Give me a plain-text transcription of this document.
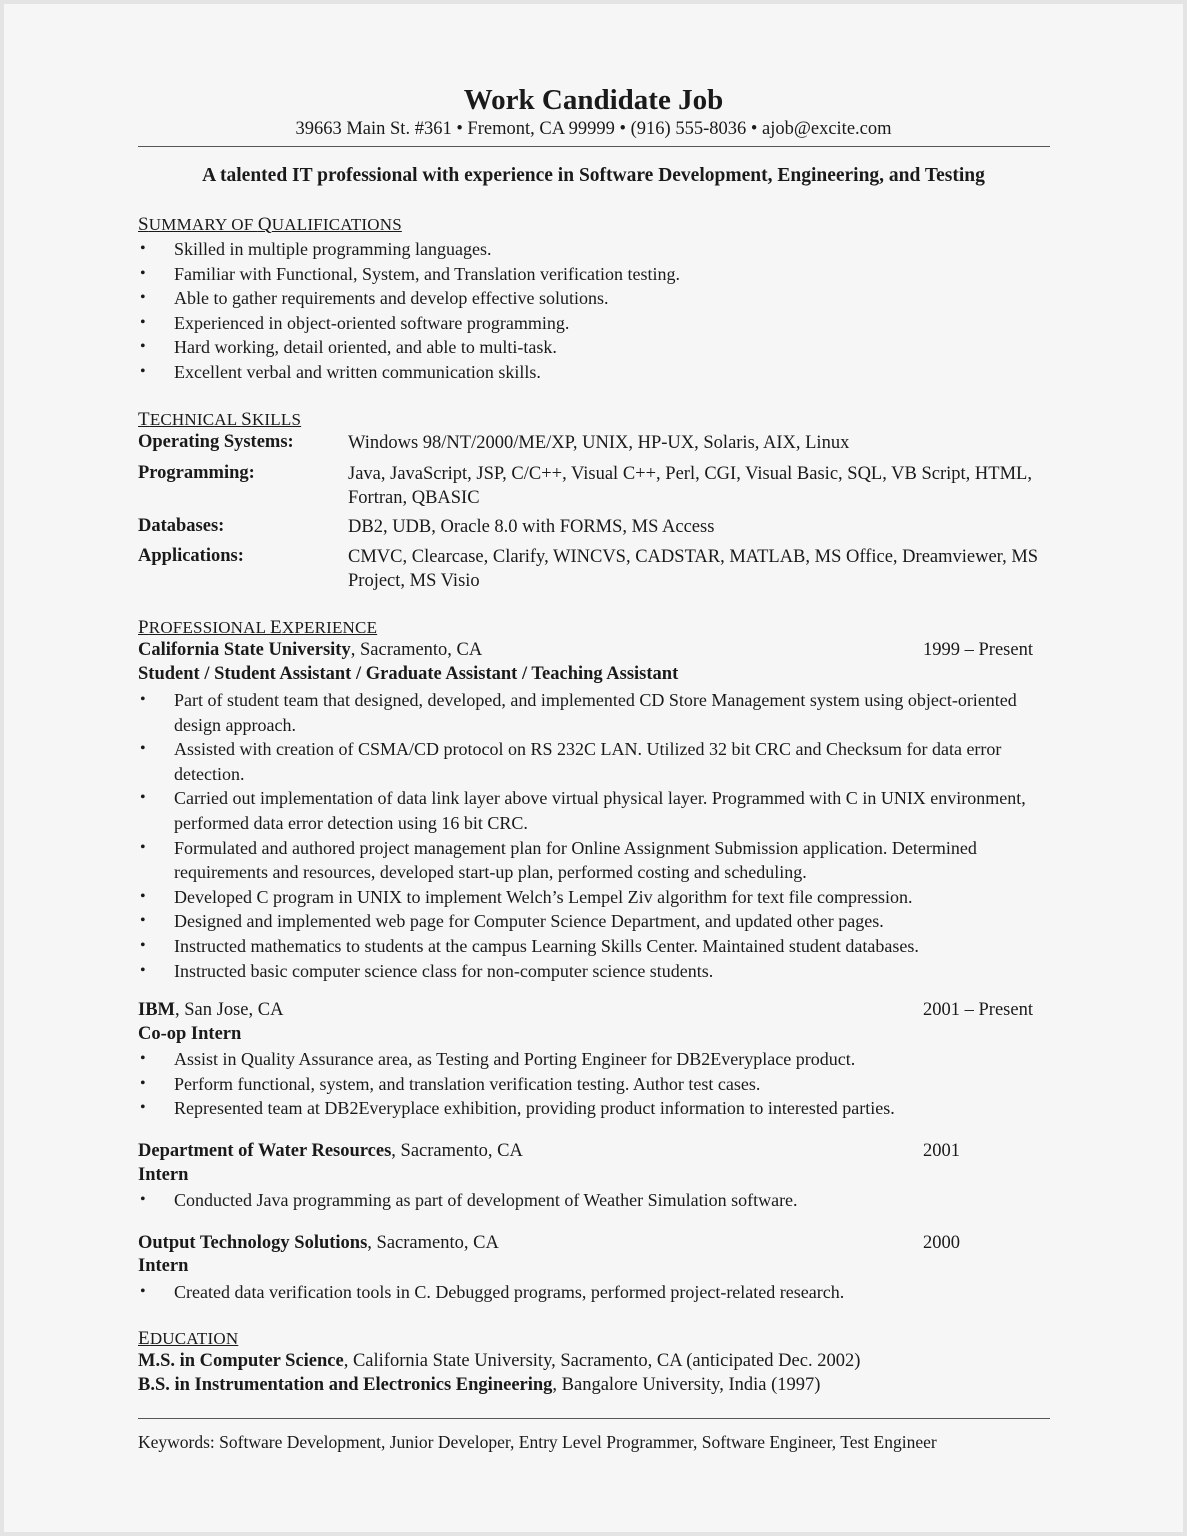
Work Candidate Job
39663 Main St. #361 • Fremont, CA 99999 • (916) 555-8036 • ajob@excite.com
A talented IT professional with experience in Software Development, Engineering, and Testing
SUMMARY OF QUALIFICATIONS
• Skilled in multiple programming languages.
• Familiar with Functional, System, and Translation verification testing.
• Able to gather requirements and develop effective solutions.
• Experienced in object-oriented software programming.
• Hard working, detail oriented, and able to multi-task.
• Excellent verbal and written communication skills.
TECHNICAL SKILLS
Operating Systems:	Windows 98/NT/2000/ME/XP, UNIX, HP-UX, Solaris, AIX, Linux
Programming:	Java, JavaScript, JSP, C/C++, Visual C++, Perl, CGI, Visual Basic, SQL, VB Script, HTML, Fortran, QBASIC
Databases:	DB2, UDB, Oracle 8.0 with FORMS, MS Access
Applications:	CMVC, Clearcase, Clarify, WINCVS, CADSTAR, MATLAB, MS Office, Dreamviewer, MS Project, MS Visio
PROFESSIONAL EXPERIENCE
California State University, Sacramento, CA	1999 – Present
Student / Student Assistant / Graduate Assistant / Teaching Assistant
• Part of student team that designed, developed, and implemented CD Store Management system using object-oriented design approach.
• Assisted with creation of CSMA/CD protocol on RS 232C LAN. Utilized 32 bit CRC and Checksum for data error detection.
• Carried out implementation of data link layer above virtual physical layer. Programmed with C in UNIX environment, performed data error detection using 16 bit CRC.
• Formulated and authored project management plan for Online Assignment Submission application. Determined requirements and resources, developed start-up plan, performed costing and scheduling.
• Developed C program in UNIX to implement Welch’s Lempel Ziv algorithm for text file compression.
• Designed and implemented web page for Computer Science Department, and updated other pages.
• Instructed mathematics to students at the campus Learning Skills Center. Maintained student databases.
• Instructed basic computer science class for non-computer science students.
IBM, San Jose, CA	2001 – Present
Co-op Intern
• Assist in Quality Assurance area, as Testing and Porting Engineer for DB2Everyplace product.
• Perform functional, system, and translation verification testing. Author test cases.
• Represented team at DB2Everyplace exhibition, providing product information to interested parties.
Department of Water Resources, Sacramento, CA	2001
Intern
• Conducted Java programming as part of development of Weather Simulation software.
Output Technology Solutions, Sacramento, CA	2000
Intern
• Created data verification tools in C. Debugged programs, performed project-related research.
EDUCATION
M.S. in Computer Science, California State University, Sacramento, CA (anticipated Dec. 2002)
B.S. in Instrumentation and Electronics Engineering, Bangalore University, India (1997)
Keywords: Software Development, Junior Developer, Entry Level Programmer, Software Engineer, Test Engineer
